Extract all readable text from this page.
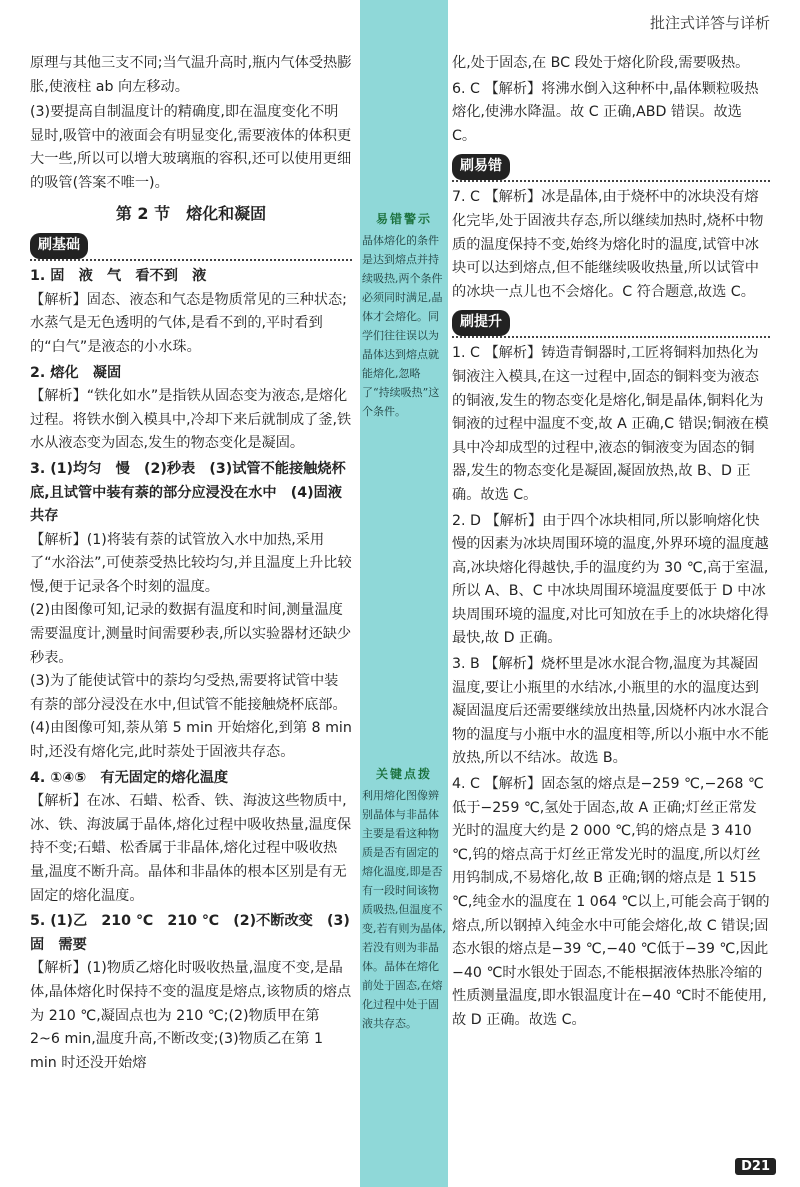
批注式详答与详析
易错警示
晶体熔化的条件是达到熔点并持续吸热,两个条件必须同时满足,晶体才会熔化。同学们往往误以为晶体达到熔点就能熔化,忽略了“持续吸热”这个条件。
关键点拨
利用熔化图像辨别晶体与非晶体主要是看这种物质是否有固定的熔化温度,即是否有一段时间该物质吸热,但温度不变,若有则为晶体,若没有则为非晶体。晶体在熔化前处于固态,在熔化过程中处于固液共存态。

原理与其他三支不同;当气温升高时,瓶内气体受热膨胀,使液柱 ab 向左移动。

(3)要提高自制温度计的精确度,即在温度变化不明显时,吸管中的液面会有明显变化,需要液体的体积更大一些,所以可以增大玻璃瓶的容积,还可以使用更细的吸管(答案不唯一)。

第 2 节　熔化和凝固
刷基础

1. 固　液　气　看不到　液

【解析】固态、液态和气态是物质常见的三种状态;水蒸气是无色透明的气体,是看不到的,平时看到的“白气”是液态的小水珠。

2. 熔化　凝固

【解析】“铁化如水”是指铁从固态变为液态,是熔化过程。将铁水倒入模具中,冷却下来后就制成了釜,铁水从液态变为固态,发生的物态变化是凝固。

3. (1)均匀　慢　(2)秒表　(3)试管不能接触烧杯底,且试管中装有萘的部分应浸没在水中　(4)固液共存

【解析】(1)将装有萘的试管放入水中加热,采用了“水浴法”,可使萘受热比较均匀,并且温度上升比较慢,便于记录各个时刻的温度。

(2)由图像可知,记录的数据有温度和时间,测量温度需要温度计,测量时间需要秒表,所以实验器材还缺少秒表。

(3)为了能使试管中的萘均匀受热,需要将试管中装有萘的部分浸没在水中,但试管不能接触烧杯底部。

(4)由图像可知,萘从第 5 min 开始熔化,到第 8 min 时,还没有熔化完,此时萘处于固液共存态。

4. ①④⑤　有无固定的熔化温度

【解析】在冰、石蜡、松香、铁、海波这些物质中,冰、铁、海波属于晶体,熔化过程中吸收热量,温度保持不变;石蜡、松香属于非晶体,熔化过程中吸收热量,温度不断升高。晶体和非晶体的根本区别是有无固定的熔化温度。

5. (1)乙　210 ℃　210 ℃　(2)不断改变　(3)固　需要

【解析】(1)物质乙熔化时吸收热量,温度不变,是晶体,晶体熔化时保持不变的温度是熔点,该物质的熔点为 210 ℃,凝固点也为 210 ℃;(2)物质甲在第 2~6 min,温度升高,不断改变;(3)物质乙在第 1 min 时还没开始熔

化,处于固态,在 BC 段处于熔化阶段,需要吸热。

6. C 【解析】将沸水倒入这种杯中,晶体颗粒吸热熔化,使沸水降温。故 C 正确,ABD 错误。故选 C。

刷易错

7. C 【解析】冰是晶体,由于烧杯中的冰块没有熔化完毕,处于固液共存态,所以继续加热时,烧杯中物质的温度保持不变,始终为熔化时的温度,试管中冰块可以达到熔点,但不能继续吸收热量,所以试管中的冰块一点儿也不会熔化。C 符合题意,故选 C。

刷提升

1. C 【解析】铸造青铜器时,工匠将铜料加热化为铜液注入模具,在这一过程中,固态的铜料变为液态的铜液,发生的物态变化是熔化,铜是晶体,铜料化为铜液的过程中温度不变,故 A 正确,C 错误;铜液在模具中冷却成型的过程中,液态的铜液变为固态的铜器,发生的物态变化是凝固,凝固放热,故 B、D 正确。故选 C。

2. D 【解析】由于四个冰块相同,所以影响熔化快慢的因素为冰块周围环境的温度,外界环境的温度越高,冰块熔化得越快,手的温度约为 30 ℃,高于室温,所以 A、B、C 中冰块周围环境温度要低于 D 中冰块周围环境的温度,对比可知放在手上的冰块熔化得最快,故 D 正确。

3. B 【解析】烧杯里是冰水混合物,温度为其凝固温度,要让小瓶里的水结冰,小瓶里的水的温度达到凝固温度后还需要继续放出热量,因烧杯内冰水混合物的温度与小瓶中水的温度相等,所以小瓶中水不能放热,所以不结冰。故选 B。

4. C 【解析】固态氢的熔点是−259 ℃,−268 ℃低于−259 ℃,氢处于固态,故 A 正确;灯丝正常发光时的温度大约是 2 000 ℃,钨的熔点是 3 410 ℃,钨的熔点高于灯丝正常发光时的温度,所以灯丝用钨制成,不易熔化,故 B 正确;钢的熔点是 1 515 ℃,纯金水的温度在 1 064 ℃以上,可能会高于钢的熔点,所以钢掉入纯金水中可能会熔化,故 C 错误;固态水银的熔点是−39 ℃,−40 ℃低于−39 ℃,因此−40 ℃时水银处于固态,不能根据液体热胀冷缩的性质测量温度,即水银温度计在−40 ℃时不能使用,故 D 正确。故选 C。

D21
